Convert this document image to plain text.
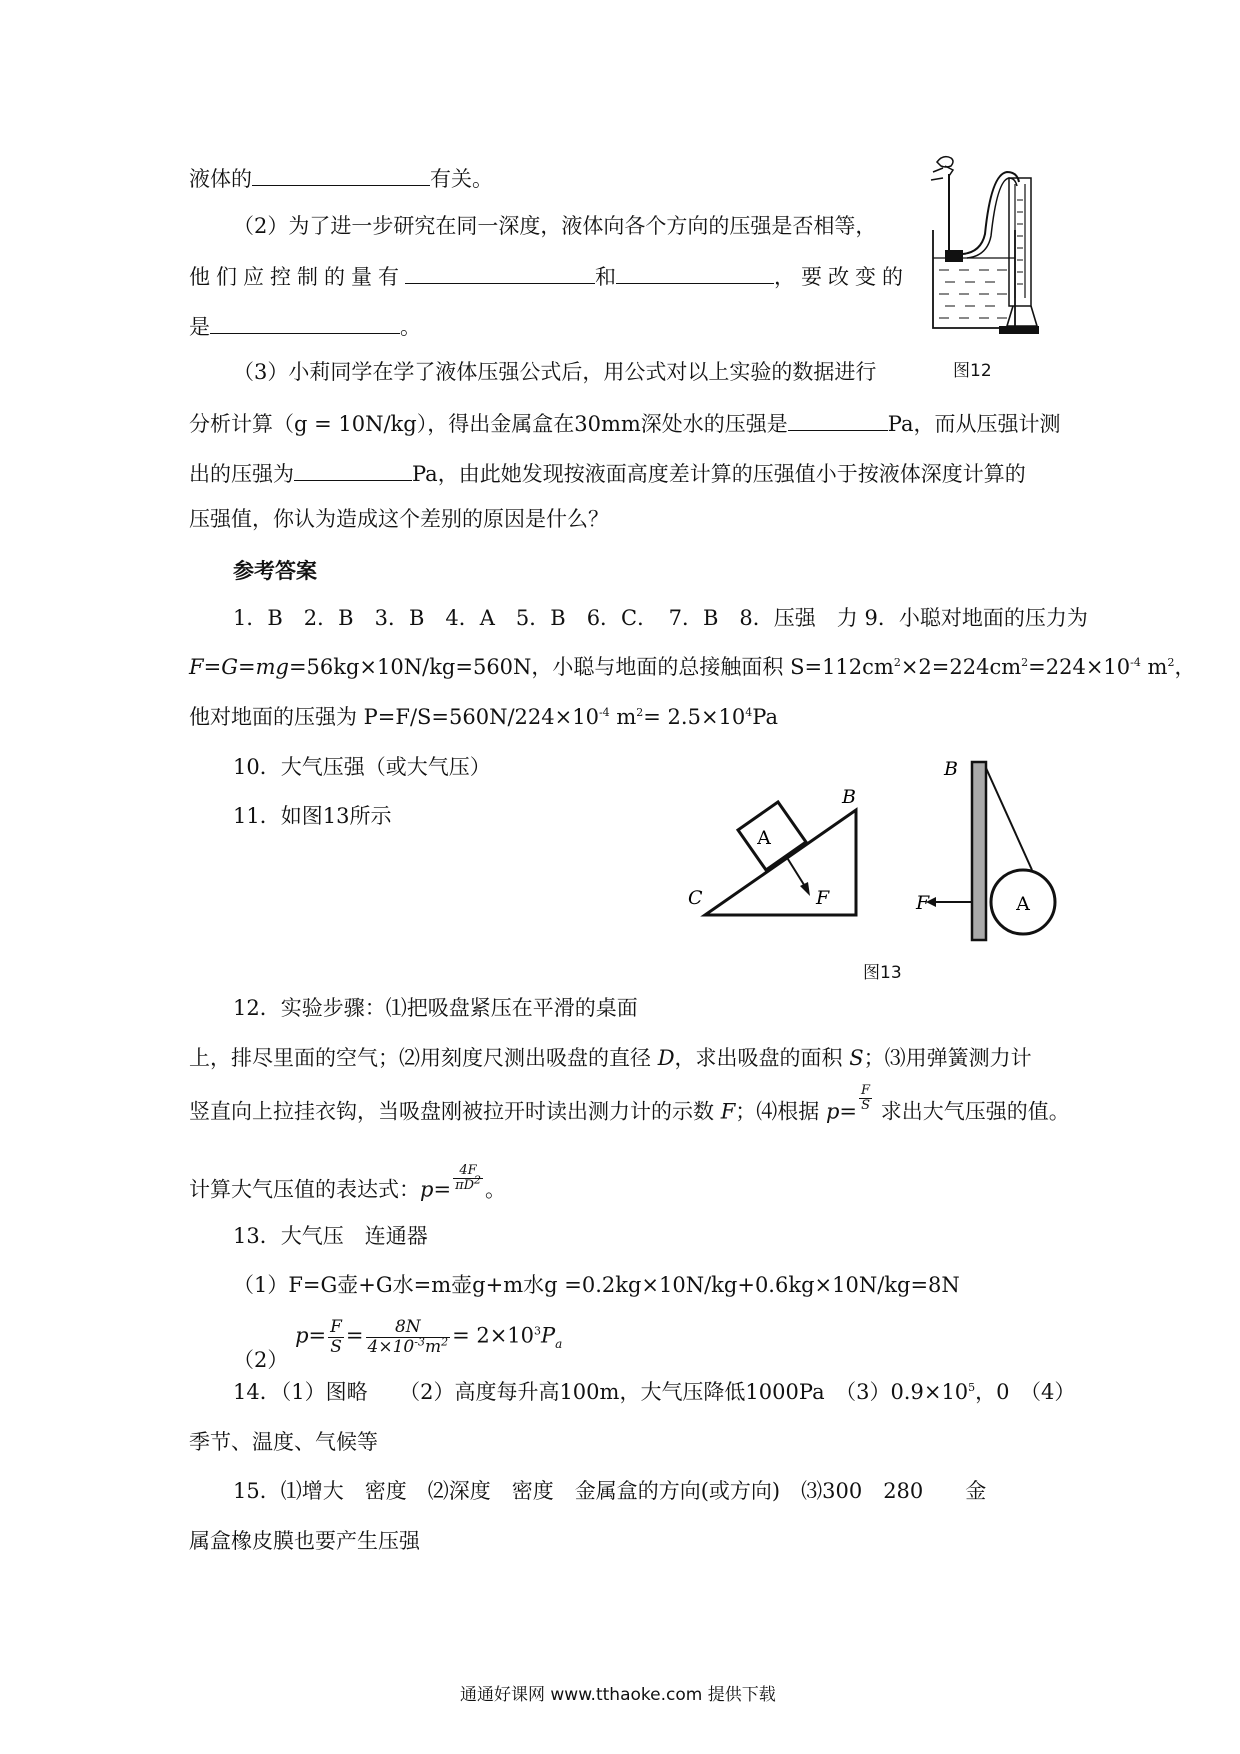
液体的	有关。
（2）为了进一步研究在同一深度，液体向各个方向的压强是否相等，
他们应控制的量有	和	，要改变的
是	。
（3）小莉同学在学了液体压强公式后，用公式对以上实验的数据进行
分析计算（g = 10N/kg），得出金属盒在30mm深处水的压强是	Pa，而从压强计测
出的压强为	Pa，由此她发现按液面高度差计算的压强值小于按液体深度计算的
压强值，你认为造成这个差别的原因是什么？
图12
参考答案
1．B　2．B　3．B　4．A　5．B　6．C．　7．B　8．压强　力 9．小聪对地面的压力为
F=G=mg=56kg×10N/kg=560N，小聪与地面的总接触面积 $S=112cm^2\times 2=224cm^2=224\times 10^{-4}$ $m^2$，
他对地面的压强为 $P=F/S=560N/224\times 10^{-4}$ $m^2= 2.5\times 10^4Pa$
10．大气压强（或大气压）
11．如图13所示
A
F
B
C
B
A
F
图13
12．实验步骤：⑴把吸盘紧压在平滑的桌面
上，排尽里面的空气；⑵用刻度尺测出吸盘的直径 D，求出吸盘的面积 S；⑶用弹簧测力计
竖直向上拉挂衣钩，当吸盘刚被拉开时读出测力计的示数 F；⑷根据 $p= \frac{F}{S}$ 求出大气压强的值。
计算大气压值的表达式：$p= \frac{4F}{\pi D^2}$ 。
13．大气压　连通器
（1）F=G壶+G水=m壶g+m水g =0.2kg×10N/kg+0.6kg×10N/kg=8N
（2） $p= \frac{F}{S} = \frac{8N}{4\times 10^{-3}m^2} = 2\times 10^3P_a$
14．（1）图略　　（2）高度每升高100m，大气压降低1000Pa　$(3)0.9\times 10^5$，0　（4）
季节、温度、气候等
15．⑴增大　密度　⑵深度　密度　金属盒的方向(或方向)　⑶300　280　　金
属盒橡皮膜也要产生压强
通通好课网 www.tthaoke.com 提供下载
